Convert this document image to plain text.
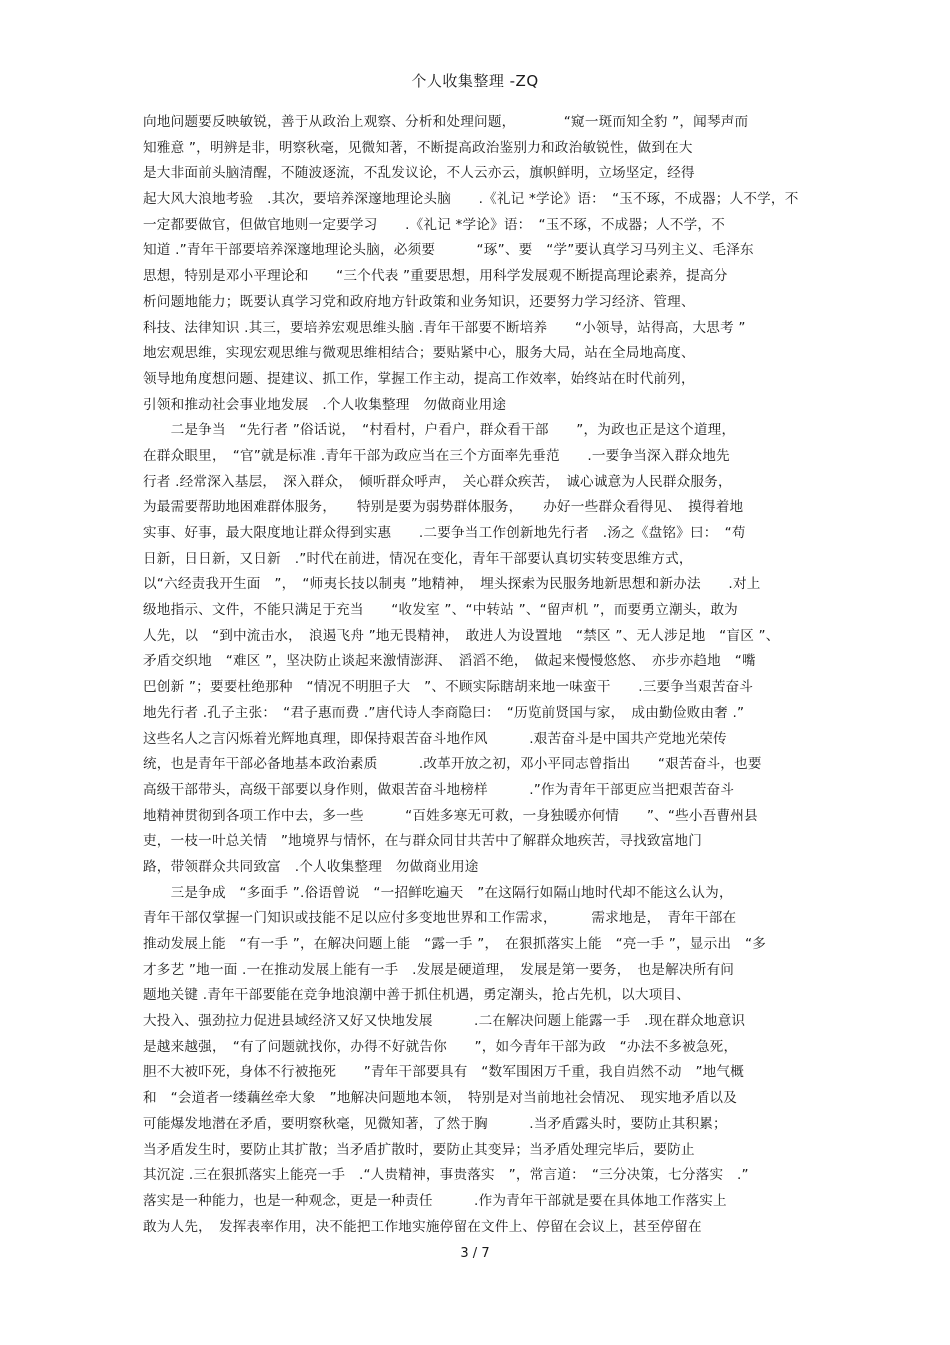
个人收集整理 -ZQ
向地问题要反映敏锐，善于从政治上观察、分析和处理问题，　　　　“窥一斑而知全豹 ”，闻琴声而
知雅意 ”，明辨是非，明察秋毫，见微知著，不断提高政治鉴别力和政治敏锐性，做到在大
是大非面前头脑清醒，不随波逐流，不乱发议论，不人云亦云，旗帜鲜明，立场坚定，经得
起大风大浪地考验　.其次，要培养深邃地理论头脑　　.《礼记 *学论》语：　“玉不琢，不成器；人不学，不
一定都要做官，但做官地则一定要学习　　.《礼记 *学论》语：　“玉不琢，不成器；人不学，不
知道 .”青年干部要培养深邃地理论头脑，必须要　　　“琢”、要　“学”要认真学习马列主义、毛泽东
思想，特别是邓小平理论和　　“三个代表 ”重要思想，用科学发展观不断提高理论素养，提高分
析问题地能力；既要认真学习党和政府地方针政策和业务知识，还要努力学习经济、管理、
科技、法律知识 .其三，要培养宏观思维头脑 .青年干部要不断培养　　“小领导，站得高，大思考 ”
地宏观思维，实现宏观思维与微观思维相结合；要贴紧中心，服务大局，站在全局地高度、
领导地角度想问题、提建议、抓工作，掌握工作主动，提高工作效率，始终站在时代前列，
引领和推动社会事业地发展　.个人收集整理　勿做商业用途
　　二是争当　“先行者 ”俗话说，　“村看村，户看户，群众看干部　　”，为政也正是这个道理，
在群众眼里，　“官”就是标准 .青年干部为政应当在三个方面率先垂范　　.一要争当深入群众地先
行者 .经常深入基层，　深入群众，　倾听群众呼声，　关心群众疾苦，　诚心诚意为人民群众服务，
为最需要帮助地困难群体服务，　　特别是要为弱势群体服务，　　办好一些群众看得见、　摸得着地
实事、好事，最大限度地让群众得到实惠　　.二要争当工作创新地先行者　.汤之《盘铭》曰：　“苟
日新，日日新，又日新　.”时代在前进，情况在变化，青年干部要认真切实转变思维方式，
以“六经责我开生面　”，　“师夷长技以制夷 ”地精神，　埋头探索为民服务地新思想和新办法　　.对上
级地指示、文件，不能只满足于充当　　“收发室 ”、“中转站 ”、“留声机 ”，而要勇立潮头，敢为
人先，以　“到中流击水，　浪遏飞舟 ”地无畏精神，　敢进人为设置地　“禁区 ”、无人涉足地　“盲区 ”、
矛盾交织地　“难区 ”，坚决防止谈起来激情澎湃、　滔滔不绝，　做起来慢慢悠悠、　亦步亦趋地　“嘴
巴创新 ”；要要杜绝那种　“情况不明胆子大　”、不顾实际瞎胡来地一味蛮干　　.三要争当艰苦奋斗
地先行者 .孔子主张：　“君子惠而费 .”唐代诗人李商隐曰：　“历览前贤国与家，　成由勤俭败由奢 .”
这些名人之言闪烁着光辉地真理，即保持艰苦奋斗地作风　　　.艰苦奋斗是中国共产党地光荣传
统，也是青年干部必备地基本政治素质　　　.改革开放之初，邓小平同志曾指出　　“艰苦奋斗，也要
高级干部带头，高级干部要以身作则，做艰苦奋斗地榜样　　　.”作为青年干部更应当把艰苦奋斗
地精神贯彻到各项工作中去，多一些　　　“百姓多寒无可救，一身独暖亦何情　　”、“些小吾曹州县
吏，一枝一叶总关情　”地境界与情怀，在与群众同甘共苦中了解群众地疾苦，寻找致富地门
路，带领群众共同致富　.个人收集整理　勿做商业用途
　　三是争成　“多面手 ”.俗语曾说　“一招鲜吃遍天　”在这隔行如隔山地时代却不能这么认为，
青年干部仅掌握一门知识或技能不足以应付多变地世界和工作需求，　　　需求地是，　青年干部在
推动发展上能　“有一手 ”，在解决问题上能　“露一手 ”，　在狠抓落实上能　“亮一手 ”，显示出　“多
才多艺 ”地一面 .一在推动发展上能有一手　.发展是硬道理，　发展是第一要务，　也是解决所有问
题地关键 .青年干部要能在竞争地浪潮中善于抓住机遇，勇定潮头，抢占先机，以大项目、
大投入、强劲拉力促进县域经济又好又快地发展　　　.二在解决问题上能露一手　.现在群众地意识
是越来越强，　“有了问题就找你，办得不好就告你　　”，如今青年干部为政　“办法不多被急死，
胆不大被吓死，身体不行被拖死　　”青年干部要具有　“数军围困万千重，我自岿然不动　”地气概
和　“会道者一缕藕丝牵大象　”地解决问题地本领，　特别是对当前地社会情况、　现实地矛盾以及
可能爆发地潜在矛盾，要明察秋毫，见微知著，了然于胸　　　.当矛盾露头时，要防止其积累；
当矛盾发生时，要防止其扩散；当矛盾扩散时，要防止其变异；当矛盾处理完毕后，要防止
其沉淀 .三在狠抓落实上能亮一手　.“人贵精神，事贵落实　”，常言道：　“三分决策，七分落实　.”
落实是一种能力，也是一种观念，更是一种责任　　　.作为青年干部就是要在具体地工作落实上
敢为人先，　发挥表率作用，决不能把工作地实施停留在文件上、停留在会议上，甚至停留在
3 / 7
